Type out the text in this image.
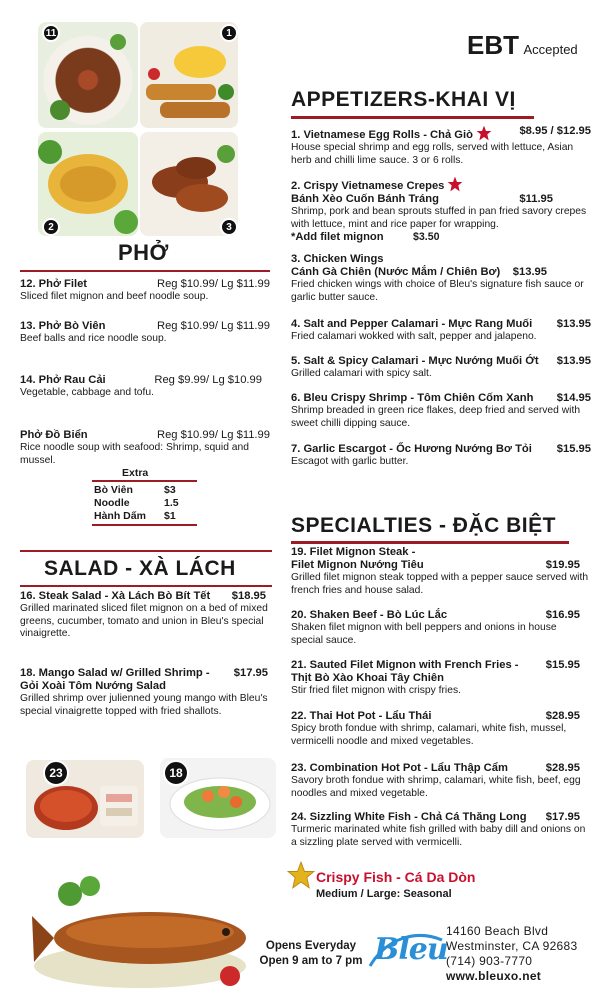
11	1
2	3
EBT Accepted
PHỞ
12. Phở Filet	Reg $10.99/ Lg $11.99
Sliced filet mignon and beef noodle soup.
13. Phở Bò Viên	Reg $10.99/ Lg $11.99
Beef balls and rice noodle soup.
14. Phở Rau Cải	Reg $9.99/ Lg $10.99
Vegetable, cabbage and tofu.
Phở Đồ Biển	Reg $10.99/ Lg $11.99
Rice noodle soup with seafood: Shrimp, squid and mussel.
Extra
Bò Viên	$3
Noodle	1.5
Hành Dấm $1
SALAD - XÀ LÁCH
16. Steak Salad - Xà Lách Bò Bít Tết $18.95
Grilled marinated sliced filet mignon on a bed of mixed greens, cucumber, tomato and union in Bleu's special vinaigrette.
18. Mango Salad w/ Grilled Shrimp - $17.95
Gỏi Xoài Tôm Nướng Salad
Grilled shrimp over julienned young mango with Bleu's special vinaigrette topped with fried shallots.
23	18
APPETIZERS-KHAI VỊ
1. Vietnamese Egg Rolls - Chả Giò	$8.95 / $12.95
House special shrimp and egg rolls, served with lettuce, Asian herb and chilli lime sauce. 3 or 6 rolls.
2. Crispy Vietnamese Crepes
Bánh Xèo Cuốn Bánh Tráng	$11.95
Shrimp, pork and bean sprouts stuffed in pan fried savory crepes with lettuce, mint and rice paper for wrapping.
*Add filet mignon	$3.50
3. Chicken Wings
Cánh Gà Chiên (Nước Mắm / Chiên Bơ) $13.95
Fried chicken wings with choice of Bleu's signature fish sauce or garlic butter sauce.
4. Salt and Pepper Calamari - Mực Rang Muối $13.95
Fried calamari wokked with salt, pepper and jalapeno.
5. Salt & Spicy Calamari - Mực Nướng Muối Ớt $13.95
Grilled calamari with spicy salt.
6. Bleu Crispy Shrimp - Tôm Chiên Cốm Xanh $14.95
Shrimp breaded in green rice flakes, deep fried and served with sweet chilli dipping sauce.
7. Garlic Escargot - Ốc Hương Nướng Bơ Tỏi $15.95
Escagot with garlic butter.
SPECIALTIES - ĐẶC BIỆT
19. Filet Mignon Steak -
Filet Mignon Nướng Tiêu	$19.95
Grilled filet mignon steak topped with a pepper sauce served with french fries and house salad.
20. Shaken Beef - Bò Lúc Lắc	$16.95
Shaken filet mignon with bell peppers and onions in house special sauce.
21. Sauted Filet Mignon with French Fries - $15.95
Thịt Bò Xào Khoai Tây Chiên
Stir fried filet mignon with crispy fries.
22. Thai Hot Pot - Lẩu Thái	$28.95
Spicy broth fondue with shrimp, calamari, white fish, mussel, vermicelli noodle and mixed vegetables.
23. Combination Hot Pot - Lẩu Thập Cẩm	$28.95
Savory broth fondue with shrimp, calamari, white fish, beef, egg noodles and mixed vegetable.
24. Sizzling White Fish - Chả Cá Thăng Long $17.95
Turmeric marinated white fish grilled with baby dill and onions on a sizzling plate served with vermicelli.
Crispy Fish - Cá Da Dòn
Medium / Large: Seasonal
Opens Everyday
Open 9 am to 7 pm Bleu
14160 Beach Blvd
Westminster, CA 92683
(714) 903-7770
www.bleuxo.net
